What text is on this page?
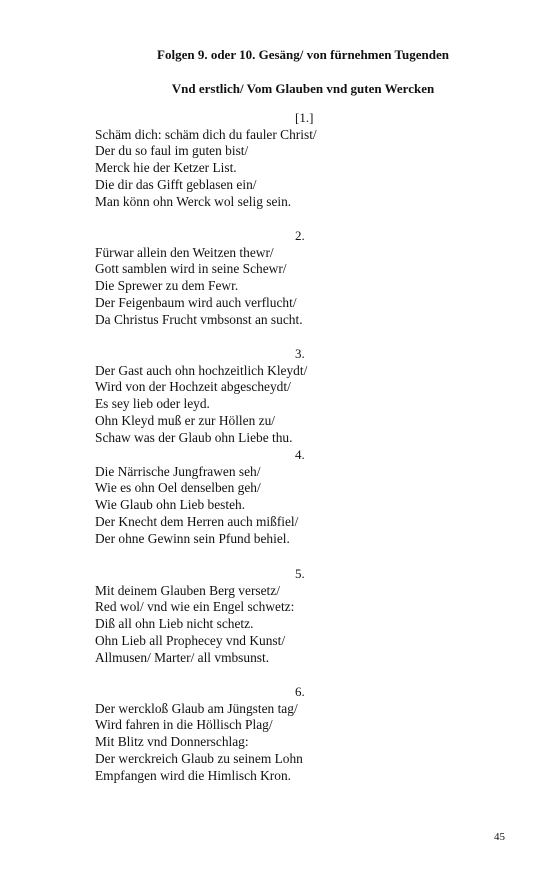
Folgen 9. oder 10. Gesäng/ von fürnehmen Tugenden
Vnd erstlich/ Vom Glauben vnd guten Wercken
[1.]
Schäm dich: schäm dich du fauler Christ/
Der du so faul im guten bist/
Merck hie der Ketzer List.
Die dir das Gifft geblasen ein/
Man könn ohn Werck wol selig sein.
2.
Fürwar allein den Weitzen thewr/
Gott samblen wird in seine Schewr/
Die Sprewer zu dem Fewr.
Der Feigenbaum wird auch verflucht/
Da Christus Frucht vmbsonst an sucht.
3.
Der Gast auch ohn hochzeitlich Kleydt/
Wird von der Hochzeit abgescheydt/
Es sey lieb oder leyd.
Ohn Kleyd muß er zur Höllen zu/
Schaw was der Glaub ohn Liebe thu.
4.
Die Närrische Jungfrawen seh/
Wie es ohn Oel denselben geh/
Wie Glaub ohn Lieb besteh.
Der Knecht dem Herren auch mißfiel/
Der ohne Gewinn sein Pfund behiel.
5.
Mit deinem Glauben Berg versetz/
Red wol/ vnd wie ein Engel schwetz:
Diß all ohn Lieb nicht schetz.
Ohn Lieb all Prophecey vnd Kunst/
Allmusen/ Marter/ all vmbsunst.
6.
Der werckloß Glaub am Jüngsten tag/
Wird fahren in die Höllisch Plag/
Mit Blitz vnd Donnerschlag:
Der werckreich Glaub zu seinem Lohn
Empfangen wird die Himlisch Kron.
45
